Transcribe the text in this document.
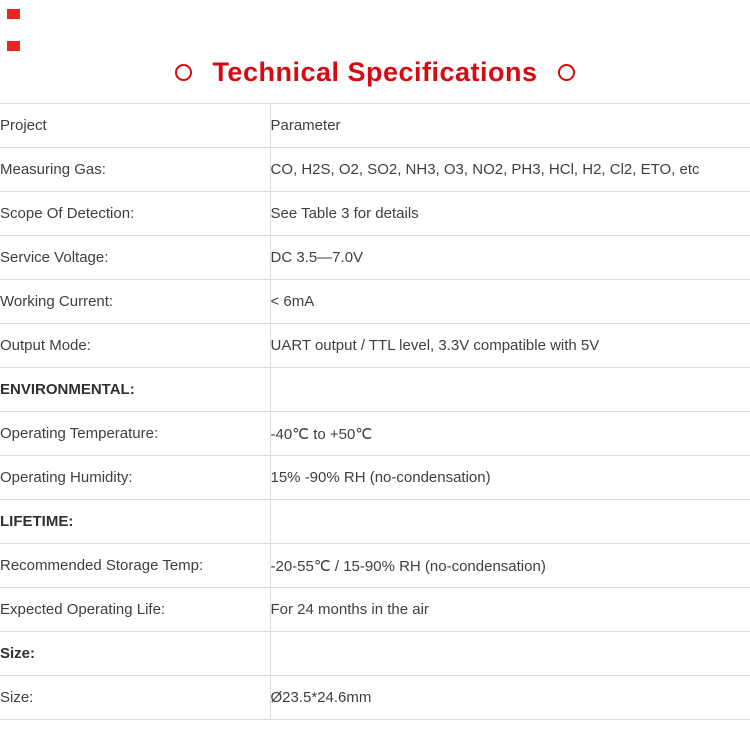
Technical Specifications
Project	Parameter
Measuring Gas:	CO, H2S, O2, SO2, NH3, O3, NO2, PH3, HCl, H2, Cl2, ETO, etc
Scope Of Detection:	See Table 3 for details
Service Voltage:	DC 3.5—7.0V
Working Current:	< 6mA
Output Mode:	UART output / TTL level, 3.3V compatible with 5V
ENVIRONMENTAL:	
Operating Temperature:	-40℃ to +50℃
Operating Humidity:	15% -90% RH (no-condensation)
LIFETIME:	
Recommended Storage Temp:	-20-55℃ / 15-90% RH (no-condensation)
Expected Operating Life:	For 24 months in the air
Size:	
Size:	Ø23.5*24.6mm
